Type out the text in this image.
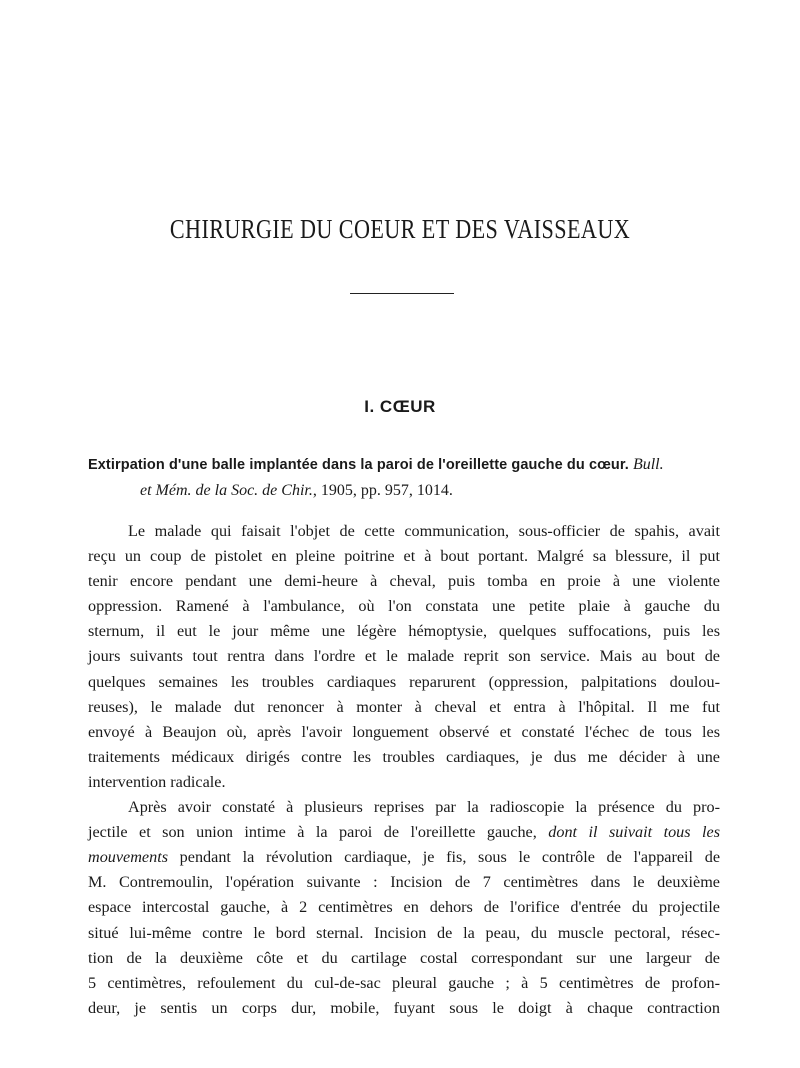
CHIRURGIE DU COEUR ET DES VAISSEAUX
I. CŒUR

Extirpation d'une balle implantée dans la paroi de l'oreillette gauche du cœur. Bull.
et Mém. de la Soc. de Chir., 1905, pp. 957, 1014.

Le malade qui faisait l'objet de cette communication, sous-officier de spahis, avait
reçu un coup de pistolet en pleine poitrine et à bout portant. Malgré sa blessure, il put
tenir encore pendant une demi-heure à cheval, puis tomba en proie à une violente
oppression. Ramené à l'ambulance, où l'on constata une petite plaie à gauche du
sternum, il eut le jour même une légère hémoptysie, quelques suffocations, puis les
jours suivants tout rentra dans l'ordre et le malade reprit son service. Mais au bout de
quelques semaines les troubles cardiaques reparurent (oppression, palpitations doulou-
reuses), le malade dut renoncer à monter à cheval et entra à l'hôpital. Il me fut
envoyé à Beaujon où, après l'avoir longuement observé et constaté l'échec de tous les
traitements médicaux dirigés contre les troubles cardiaques, je dus me décider à une
intervention radicale.
Après avoir constaté à plusieurs reprises par la radioscopie la présence du pro-
jectile et son union intime à la paroi de l'oreillette gauche, dont il suivait tous les
mouvements pendant la révolution cardiaque, je fis, sous le contrôle de l'appareil de
M. Contremoulin, l'opération suivante : Incision de 7 centimètres dans le deuxième
espace intercostal gauche, à 2 centimètres en dehors de l'orifice d'entrée du projectile
situé lui-même contre le bord sternal. Incision de la peau, du muscle pectoral, résec-
tion de la deuxième côte et du cartilage costal correspondant sur une largeur de
5 centimètres, refoulement du cul-de-sac pleural gauche ; à 5 centimètres de profon-
deur, je sentis un corps dur, mobile, fuyant sous le doigt à chaque contraction
